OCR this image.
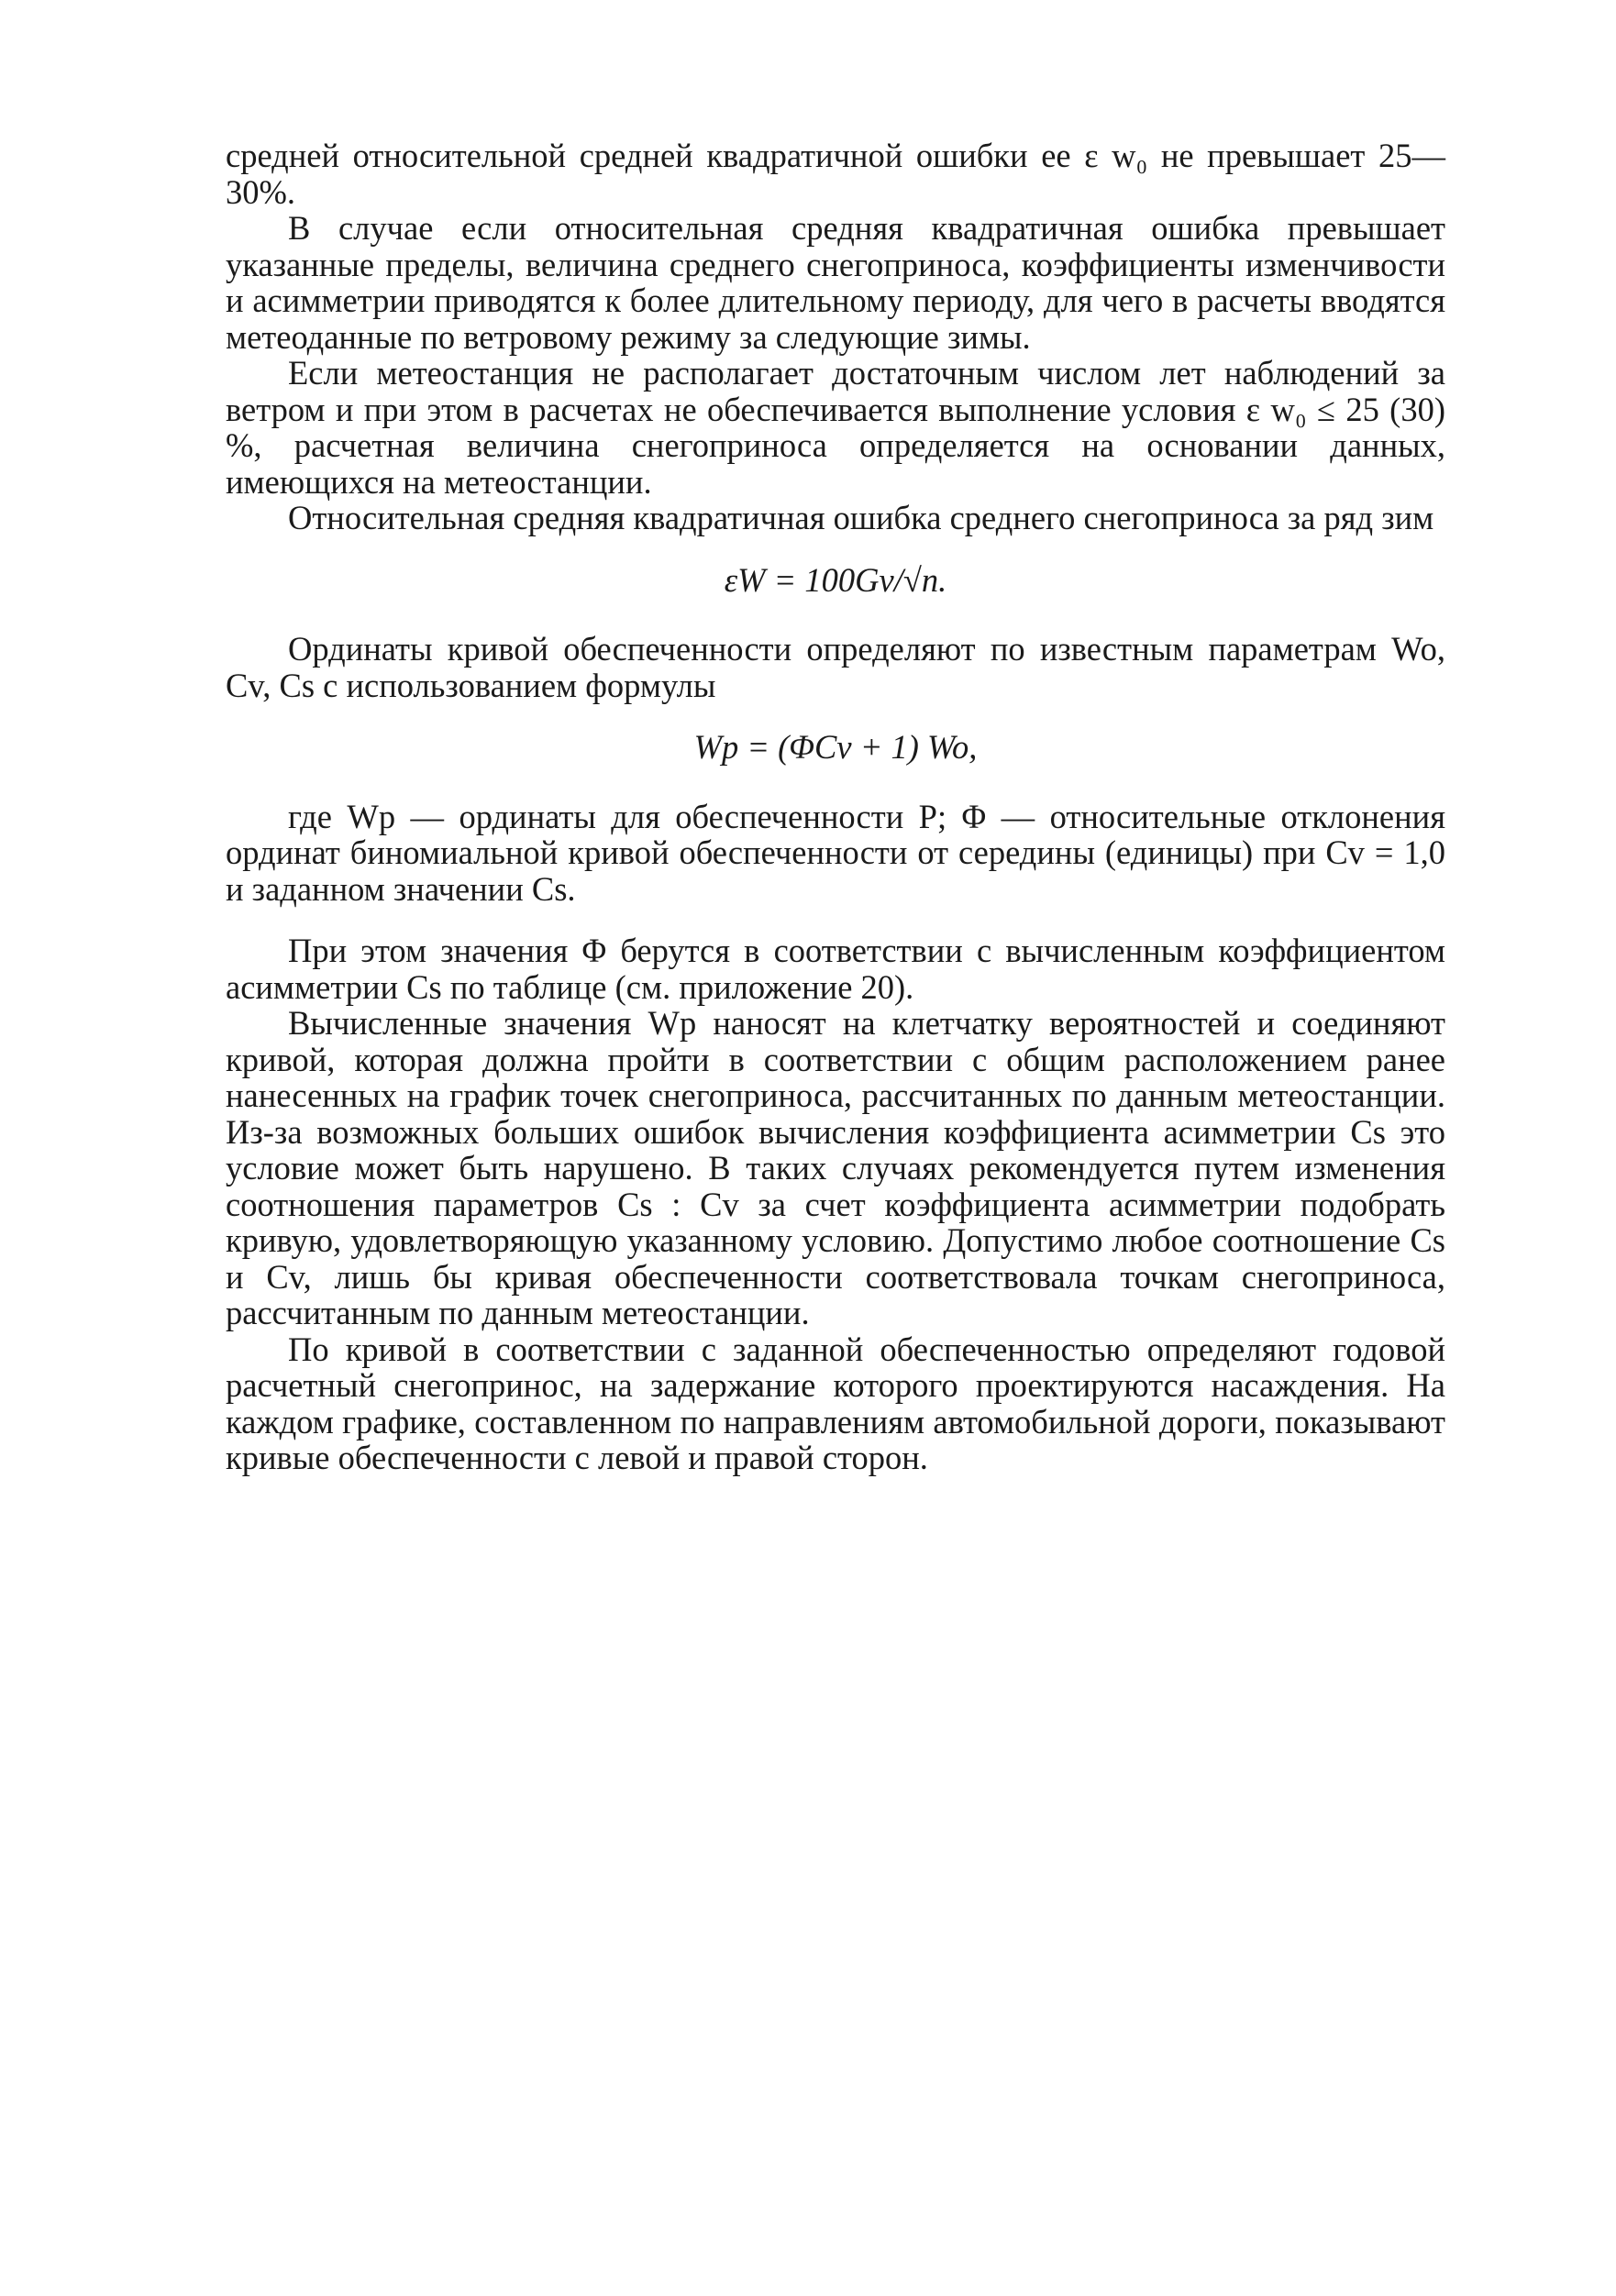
средней относительной средней квадратичной ошибки ее ε w₀ не превышает 25—30%.

В случае если относительная средняя квадратичная ошибка превышает указанные пределы, величина среднего снегоприноса, коэффициенты изменчивости и асимметрии приводятся к более длительному периоду, для чего в расчеты вводятся метеоданные по ветровому режиму за следующие зимы.

Если метеостанция не располагает достаточным числом лет наблюдений за ветром и при этом в расчетах не обеспечивается выполнение условия ε w₀ ≤ 25 (30) %, расчетная величина снегоприноса определяется на основании данных, имеющихся на метеостанции.

Относительная средняя квадратичная ошибка среднего снегоприноса за ряд зим

εW = 100Gv/√n.

Ординаты кривой обеспеченности определяют по известным параметрам Wo, Cv, Cs с использованием формулы

Wp = (ΦCv + 1) Wo,

где Wp — ординаты для обеспеченности P; Φ — относительные отклонения ординат биномиальной кривой обеспеченности от середины (единицы) при Cv = 1,0 и заданном значении Cs.

При этом значения Φ берутся в соответствии с вычисленным коэффициентом асимметрии Cs по таблице (см. приложение 20).

Вычисленные значения Wp наносят на клетчатку вероятностей и соединяют кривой, которая должна пройти в соответствии с общим расположением ранее нанесенных на график точек снегоприноса, рассчитанных по данным метеостанции. Из-за возможных больших ошибок вычисления коэффициента асимметрии Cs это условие может быть нарушено. В таких случаях рекомендуется путем изменения соотношения параметров Cs : Cv за счет коэффициента асимметрии подобрать кривую, удовлетворяющую указанному условию. Допустимо любое соотношение Cs и Cv, лишь бы кривая обеспеченности соответствовала точкам снегоприноса, рассчитанным по данным метеостанции.

По кривой в соответствии с заданной обеспеченностью определяют годовой расчетный снегопринос, на задержание которого проектируются насаждения. На каждом графике, составленном по направлениям автомобильной дороги, показывают кривые обеспеченности с левой и правой сторон.
